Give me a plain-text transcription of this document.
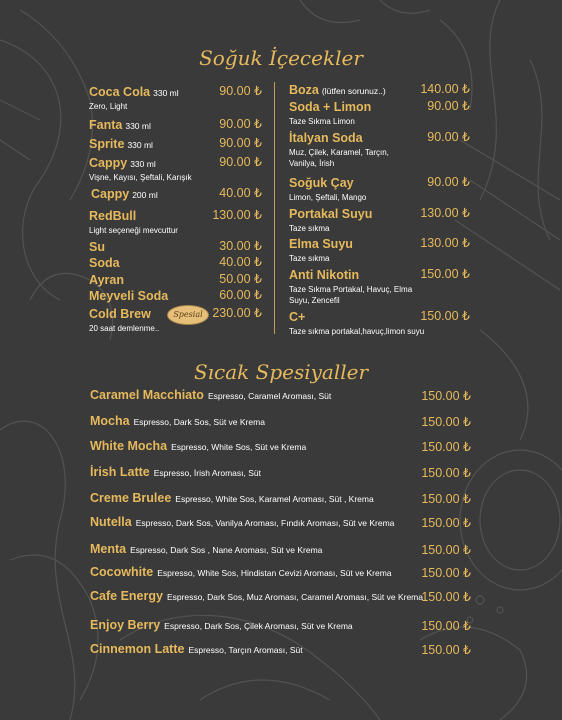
Soğuk İçecekler
Coca Cola 330 ml
Zero, Light
90.00 ₺
Fanta 330 ml	90.00 ₺
Sprite 330 ml	90.00 ₺
Cappy 330 ml
Vişne, Kayısı, Şeftali, Karışık
90.00 ₺
Cappy 200 ml	40.00 ₺
RedBull
Light seçeneği mevcuttur
130.00 ₺
Su	30.00 ₺
Soda	40.00 ₺
Ayran	50.00 ₺
Meyveli Soda	60.00 ₺
Cold Brew
20 saat demlenme..
230.00 ₺
Boza (lütfen sorunuz..)	140.00 ₺
Soda + Limon
Taze Sıkma Limon
90.00 ₺
İtalyan Soda
Muz, Çilek, Karamel, Tarçın,
Vanilya, İrish
90.00 ₺
Soğuk Çay
Limon, Şeftali, Mango
90.00 ₺
Portakal Suyu
Taze sıkma
130.00 ₺
Elma Suyu
Taze sıkma
130.00 ₺
Anti Nikotin
Taze Sıkma Portakal, Havuç, Elma
Suyu, Zencefil
150.00 ₺
C+
Taze sıkma portakal,havuç,limon suyu
150.00 ₺
Spesial
Sıcak Spesiyaller
Caramel Macchiato Espresso, Caramel Aroması, Süt	150.00 ₺
Mocha Espresso, Dark Sos, Süt ve Krema	150.00 ₺
White Mocha Espresso, White Sos, Süt ve Krema	150.00 ₺
İrish Latte Espresso, İrish Aroması, Süt	150.00 ₺
Creme Brulee Espresso, White Sos, Karamel Aroması, Süt , Krema	150.00 ₺
Nutella Espresso, Dark Sos, Vanilya Aroması, Fındık Aroması, Süt ve Krema 150.00 ₺
Menta Espresso, Dark Sos , Nane Aroması, Süt ve Krema	150.00 ₺
Cocowhite Espresso, White Sos, Hindistan Cevizi Aroması, Süt ve Krema 150.00 ₺
Cafe Energy Espresso, Dark Sos, Muz Aroması, Caramel Aroması, Süt ve Krema
150.00 ₺
Enjoy Berry Espresso, Dark Sos, Çilek Aroması, Süt ve Krema	150.00 ₺
Cinnemon Latte Espresso, Tarçın Aroması, Süt	150.00 ₺
